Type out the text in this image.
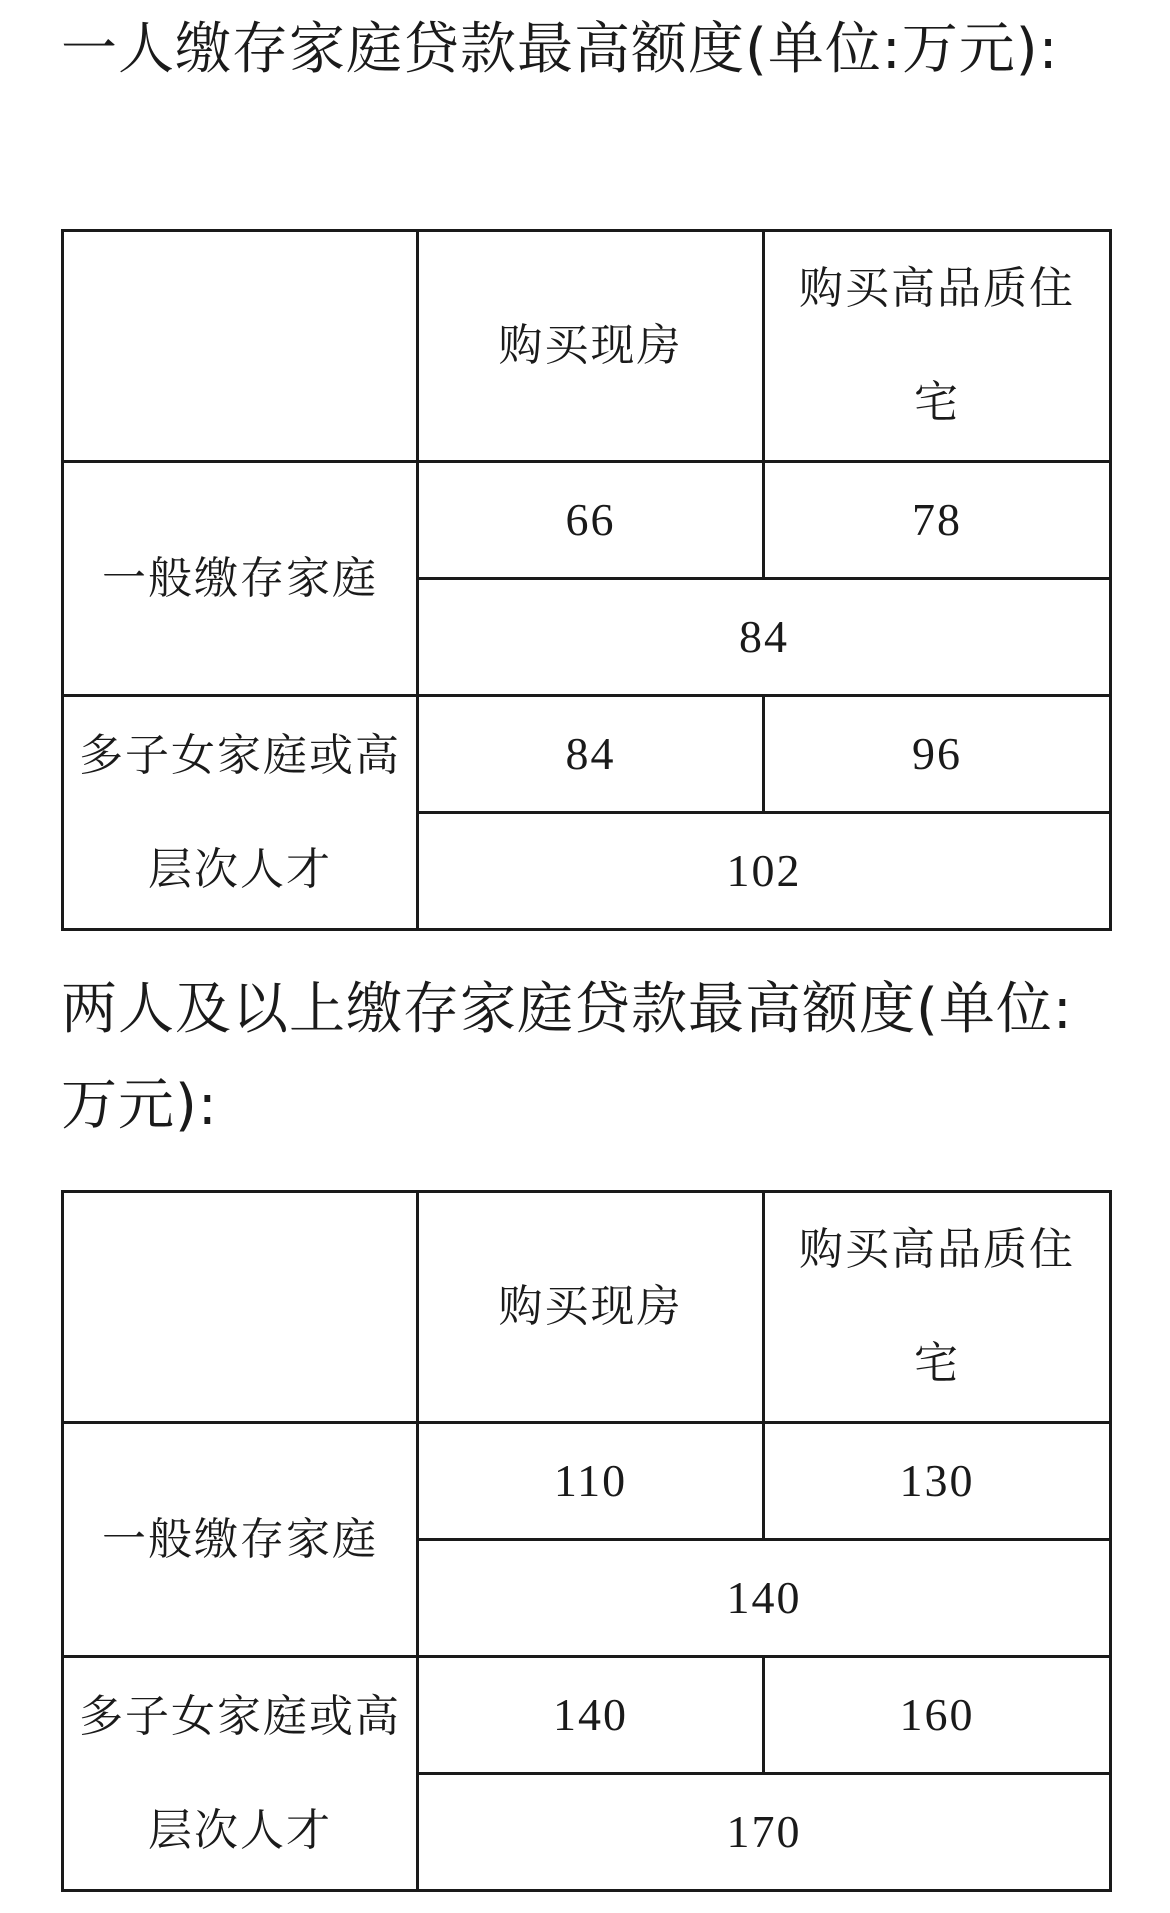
一人缴存家庭贷款最高额度(单位:万元):
	购买现房	购买高品质住宅
一般缴存家庭	66	78
	84	
多子女家庭或高层次人才	84	96
	102	
两人及以上缴存家庭贷款最高额度(单位:万元):
	购买现房	购买高品质住宅
一般缴存家庭	110	130
	140	
多子女家庭或高层次人才	140	160
	170	
